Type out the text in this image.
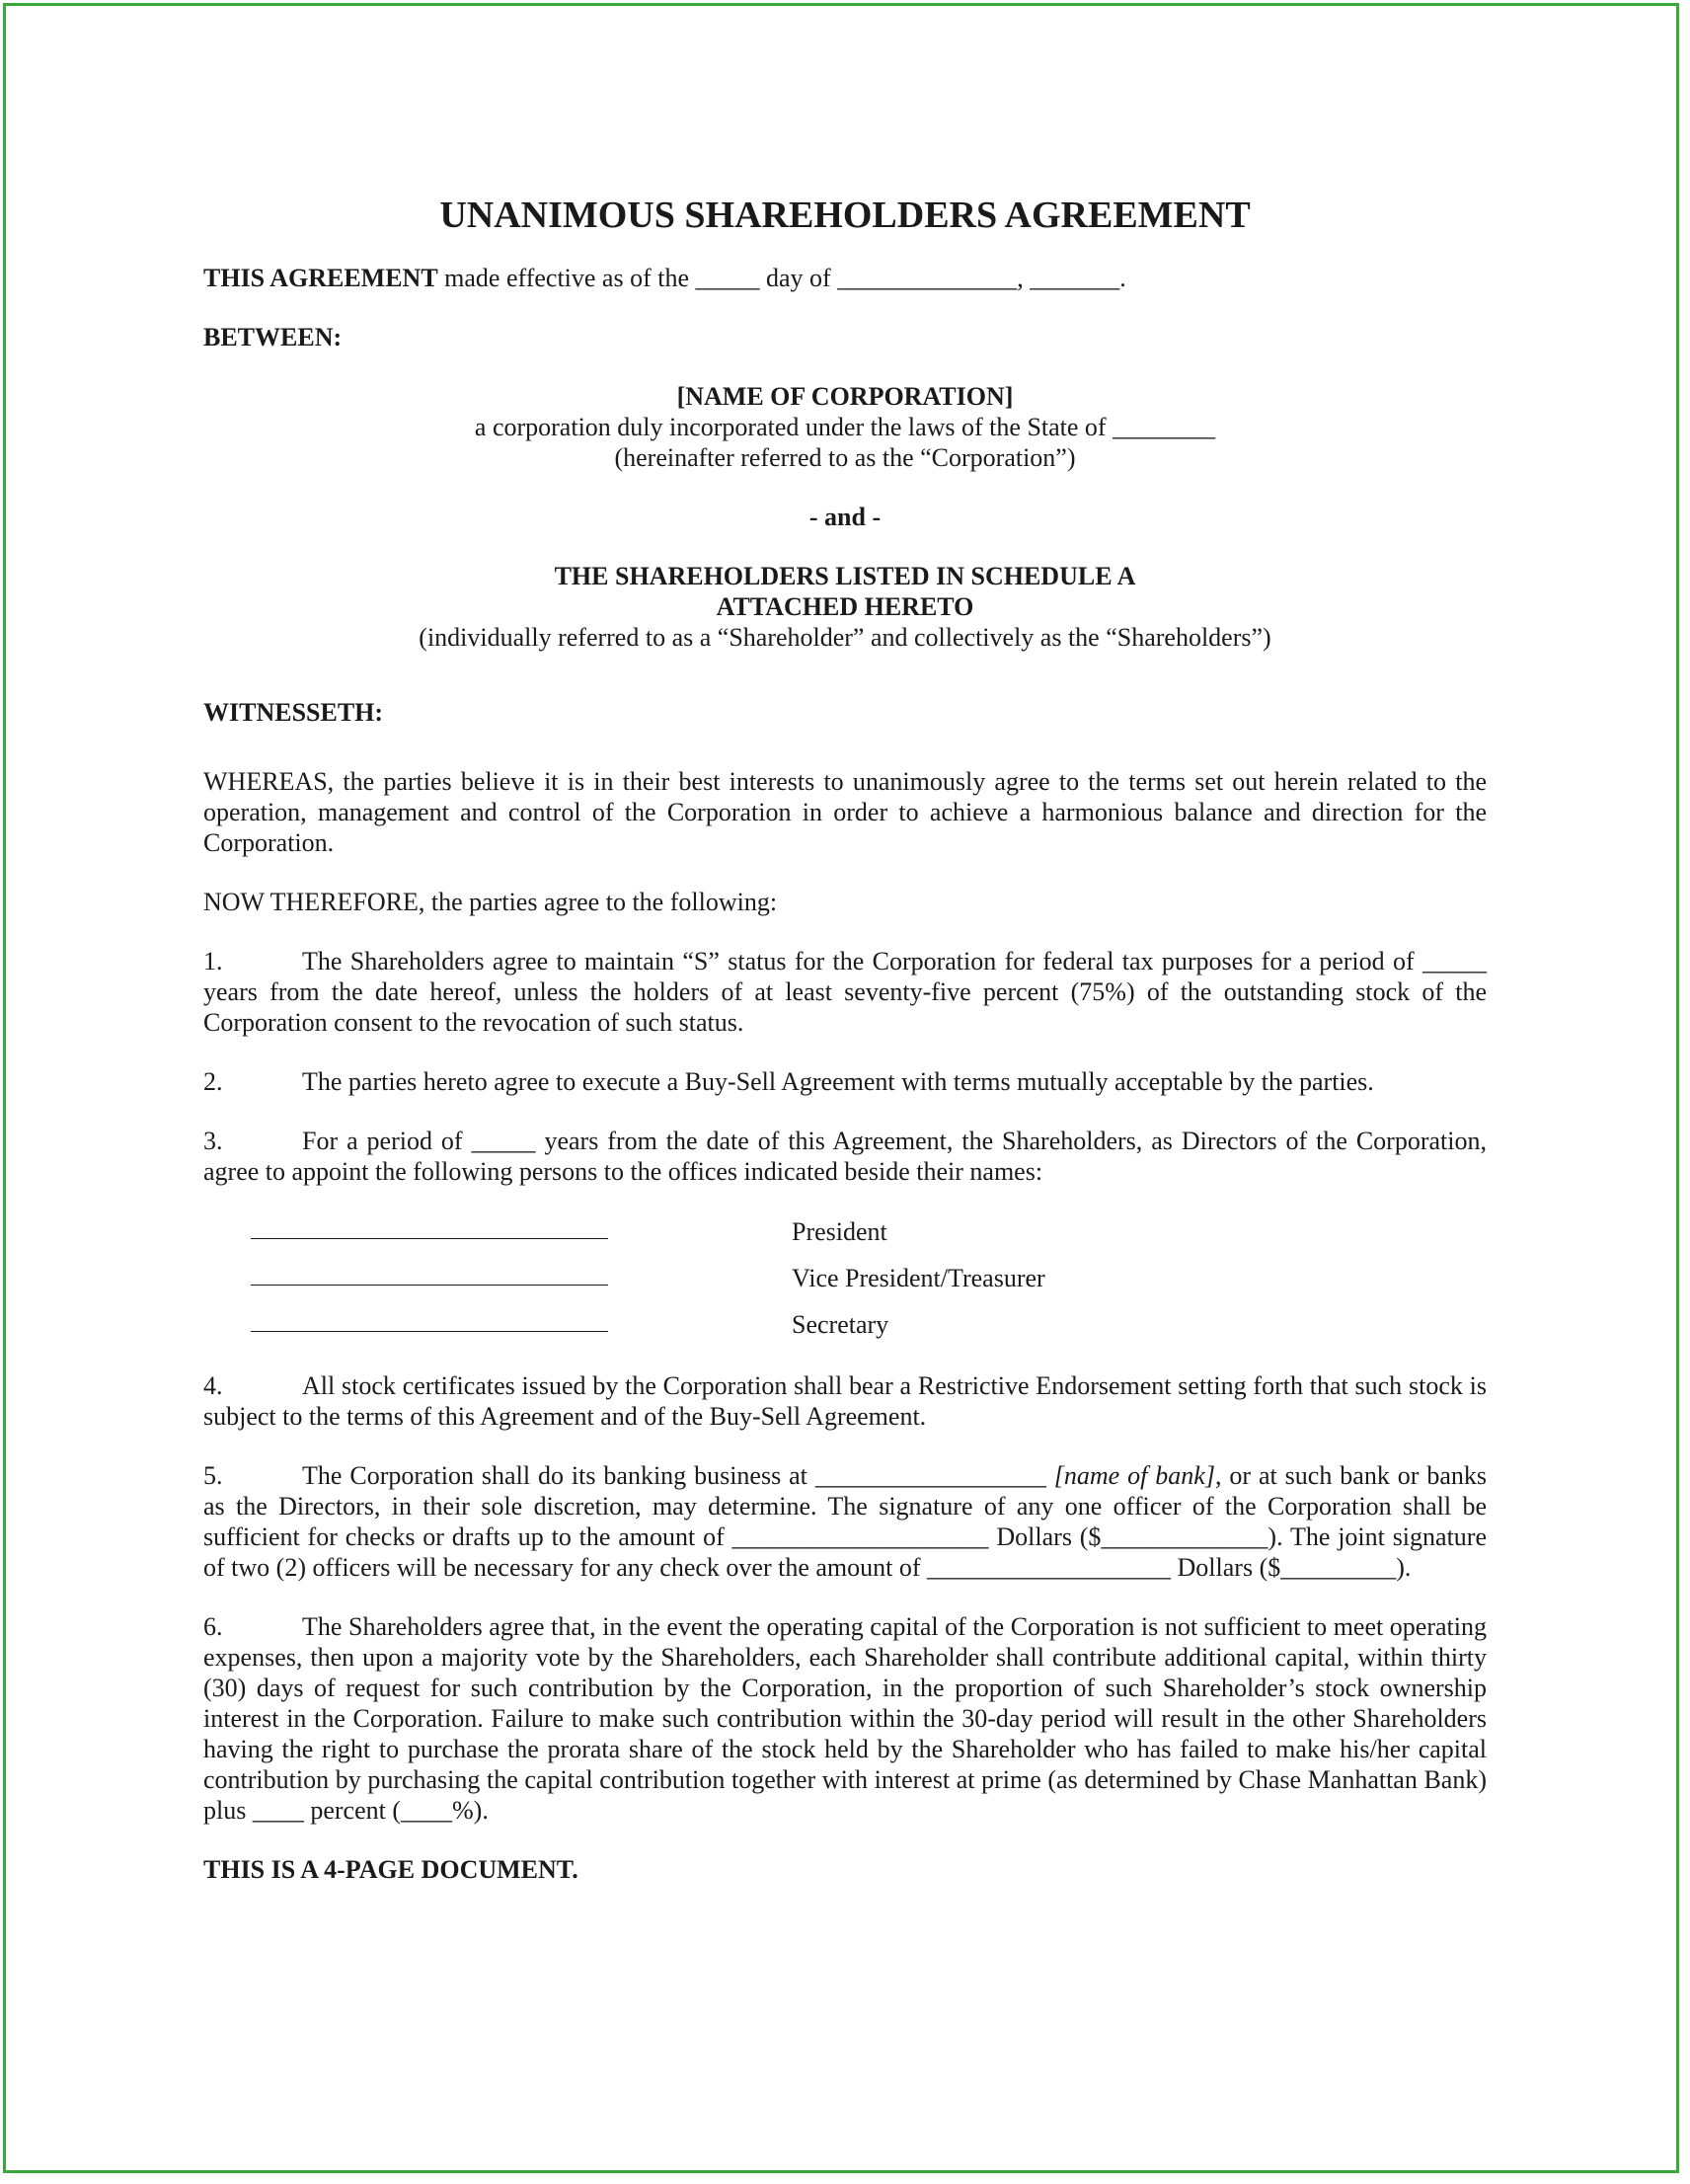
UNANIMOUS SHAREHOLDERS AGREEMENT

THIS AGREEMENT made effective as of the _____ day of ______________, _______.

BETWEEN:

[NAME OF CORPORATION]

a corporation duly incorporated under the laws of the State of ________

(hereinafter referred to as the “Corporation”)

- and -

THE SHAREHOLDERS LISTED IN SCHEDULE A

ATTACHED HERETO

(individually referred to as a “Shareholder” and collectively as the “Shareholders”)

WITNESSETH:

WHEREAS, the parties believe it is in their best interests to unanimously agree to the terms set out herein related to the operation, management and control of the Corporation in order to achieve a harmonious balance and direction for the Corporation.

NOW THEREFORE, the parties agree to the following:

1.	The Shareholders agree to maintain “S” status for the Corporation for federal tax purposes for a period of _____ years from the date hereof, unless the holders of at least seventy-five percent (75%) of the outstanding stock of the Corporation consent to the revocation of such status.

2.	The parties hereto agree to execute a Buy-Sell Agreement with terms mutually acceptable by the parties.

3.	For a period of _____ years from the date of this Agreement, the Shareholders, as Directors of the Corporation, agree to appoint the following persons to the offices indicated beside their names:

President
Vice President/Treasurer
Secretary

4.	All stock certificates issued by the Corporation shall bear a Restrictive Endorsement setting forth that such stock is subject to the terms of this Agreement and of the Buy-Sell Agreement.

5.	The Corporation shall do its banking business at __________________ [name of bank], or at such bank or banks as the Directors, in their sole discretion, may determine. The signature of any one officer of the Corporation shall be sufficient for checks or drafts up to the amount of ____________________ Dollars ($_____________). The joint signature of two (2) officers will be necessary for any check over the amount of ___________________ Dollars ($_________).

6.	The Shareholders agree that, in the event the operating capital of the Corporation is not sufficient to meet operating expenses, then upon a majority vote by the Shareholders, each Shareholder shall contribute additional capital, within thirty (30) days of request for such contribution by the Corporation, in the proportion of such Shareholder’s stock ownership interest in the Corporation. Failure to make such contribution within the 30-day period will result in the other Shareholders having the right to purchase the prorata share of the stock held by the Shareholder who has failed to make his/her capital contribution by purchasing the capital contribution together with interest at prime (as determined by Chase Manhattan Bank) plus ____ percent (____%).

THIS IS A 4-PAGE DOCUMENT.
